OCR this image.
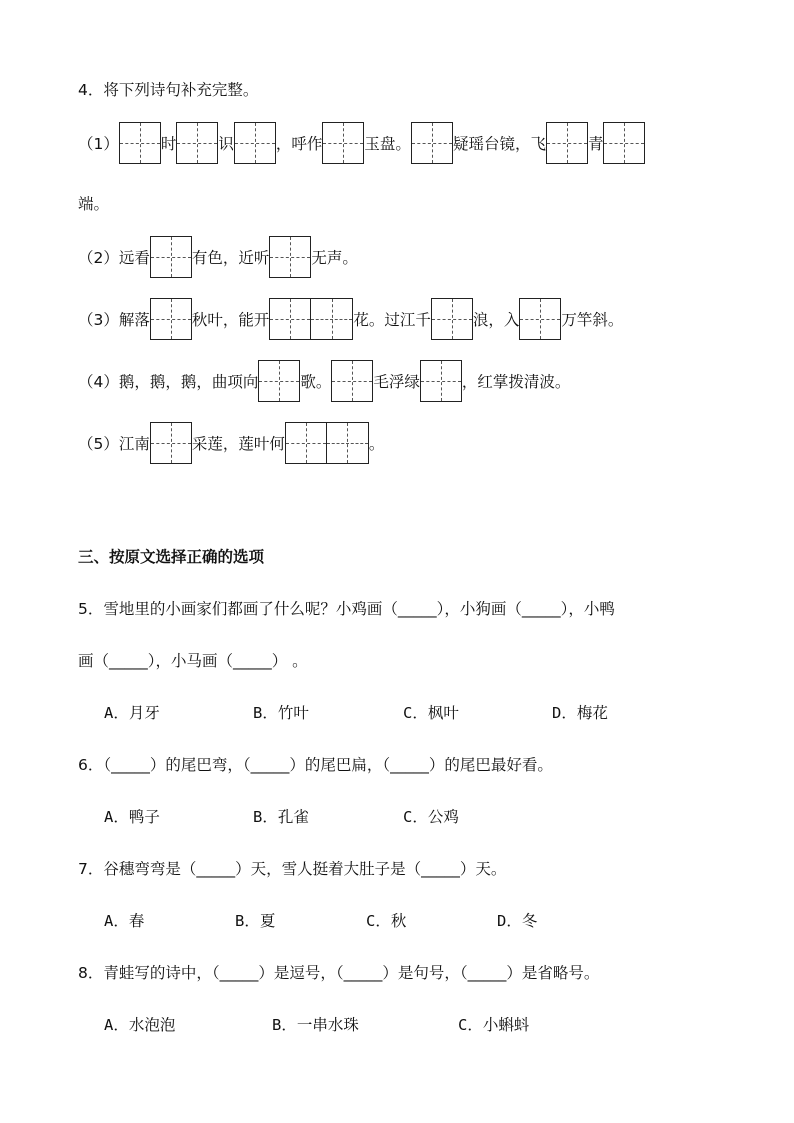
4．将下列诗句补充完整。
（1）	时	识	，呼作	玉盘。	疑瑶台镜，飞	青
端。
（2）远看	有色，近听	无声。
（3）解落	秋叶，能开	花。过江千	浪，入	万竿斜。
（4）鹅，鹅，鹅，曲项向	歌。	毛浮绿	，红掌拨清波。
（5）江南	采莲，莲叶何	。
三、按原文选择正确的选项
5．雪地里的小画家们都画了什么呢？小鸡画（_____），小狗画（_____），小鸭
画（_____），小马画（_____） 。
A．月牙	B．竹叶	C．枫叶	D．梅花
6．（_____）的尾巴弯，（_____）的尾巴扁，（_____）的尾巴最好看。
A．鸭子	B．孔雀	C．公鸡
7．谷穗弯弯是（_____）天，雪人挺着大肚子是（_____）天。
A．春	B．夏	C．秋	D．冬
8．青蛙写的诗中，（_____）是逗号，（_____）是句号，（_____）是省略号。
A．水泡泡	B．一串水珠	C．小蝌蚪
